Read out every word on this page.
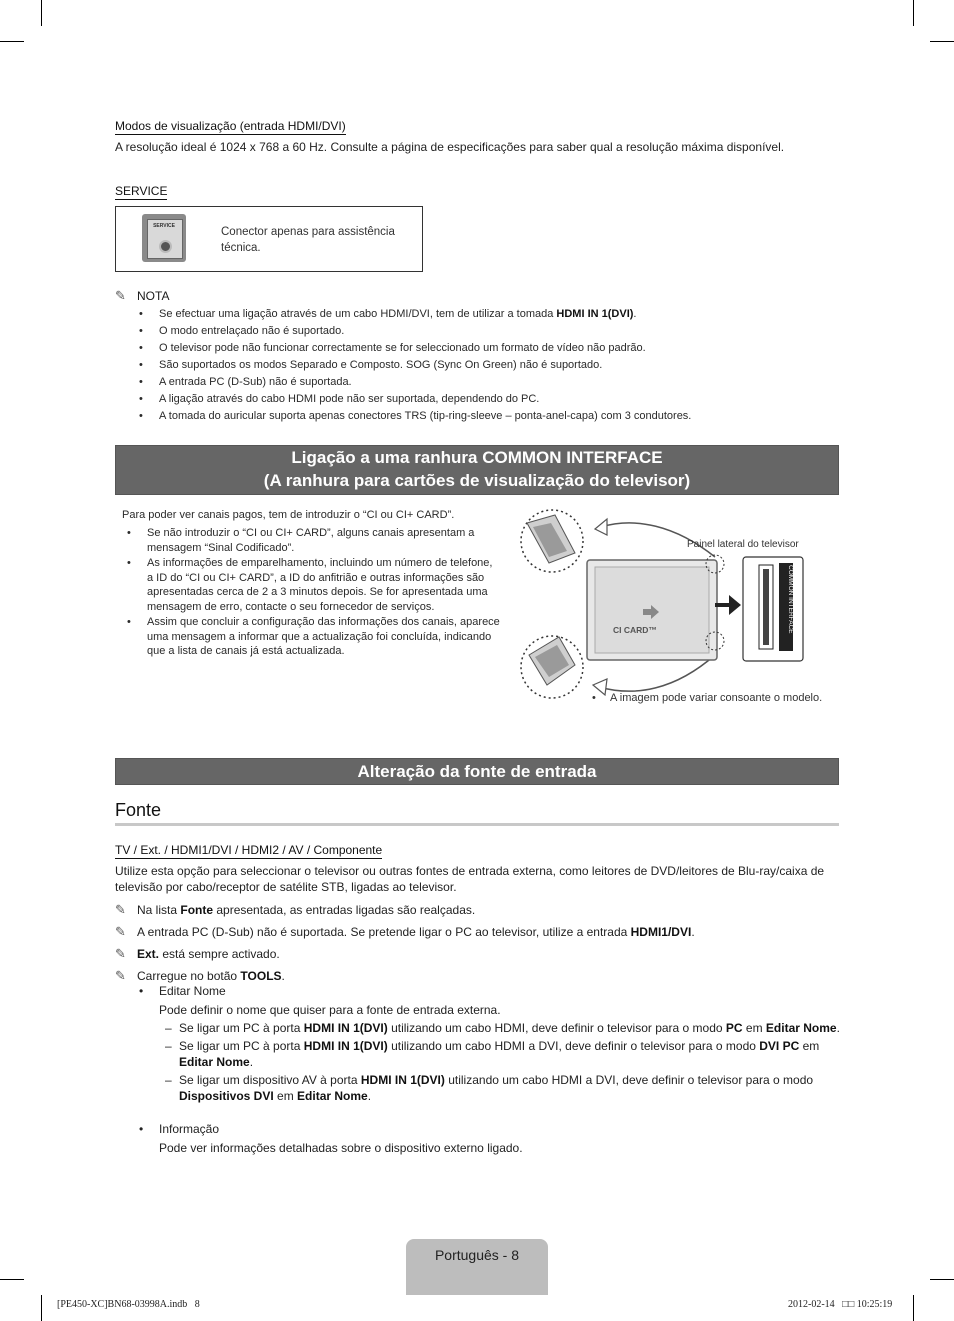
Modos de visualização (entrada HDMI/DVI)
A resolução ideal é 1024 x 768 a 60 Hz. Consulte a página de especificações para saber qual a resolução máxima disponível.
SERVICE
SERVICE	Conector apenas para assistência
técnica.
✎ NOTA
• Se efectuar uma ligação através de um cabo HDMI/DVI, tem de utilizar a tomada HDMI IN 1(DVI).
• O modo entrelaçado não é suportado.
• O televisor pode não funcionar correctamente se for seleccionado um formato de vídeo não padrão.
• São suportados os modos Separado e Composto. SOG (Sync On Green) não é suportado.
• A entrada PC (D-Sub) não é suportada.
• A ligação através do cabo HDMI pode não ser suportada, dependendo do PC.
• A tomada do auricular suporta apenas conectores TRS (tip-ring-sleeve – ponta-anel-capa) com 3 condutores.
Ligação a uma ranhura COMMON INTERFACE
(A ranhura para cartões de visualização do televisor)
Para poder ver canais pagos, tem de introduzir o “CI ou CI+ CARD”.
• Se não introduzir o “CI ou CI+ CARD”, alguns canais apresentam a mensagem “Sinal Codificado”.
• As informações de emparelhamento, incluindo um número de telefone, a ID do “CI ou CI+ CARD”, a ID do anfitrião e outras informações são apresentadas cerca de 2 a 3 minutos depois. Se for apresentada uma mensagem de erro, contacte o seu fornecedor de serviços.
• Assim que concluir a configuração das informações dos canais, aparece uma mensagem a informar que a actualização foi concluída, indicando que a lista de canais já está actualizada.
CI CARD™
Painel lateral do televisor
COMMON INTERFACE
• A imagem pode variar consoante o modelo.
Alteração da fonte de entrada
Fonte
TV / Ext. / HDMI1/DVI / HDMI2 / AV / Componente
Utilize esta opção para seleccionar o televisor ou outras fontes de entrada externa, como leitores de DVD/leitores de Blu-ray/caixa de televisão por cabo/receptor de satélite STB, ligadas ao televisor.
✎ Na lista Fonte apresentada, as entradas ligadas são realçadas.
✎ A entrada PC (D-Sub) não é suportada. Se pretende ligar o PC ao televisor, utilize a entrada HDMI1/DVI.
✎ Ext. está sempre activado.
✎ Carregue no botão TOOLS.
• Editar Nome
Pode definir o nome que quiser para a fonte de entrada externa.
– Se ligar um PC à porta HDMI IN 1(DVI) utilizando um cabo HDMI, deve definir o televisor para o modo PC em Editar Nome.
– Se ligar um PC à porta HDMI IN 1(DVI) utilizando um cabo HDMI a DVI, deve definir o televisor para o modo DVI PC em Editar Nome.
– Se ligar um dispositivo AV à porta HDMI IN 1(DVI) utilizando um cabo HDMI a DVI, deve definir o televisor para o modo Dispositivos DVI em Editar Nome.
• Informação
Pode ver informações detalhadas sobre o dispositivo externo ligado.
Português - 8
[PE450-XC]BN68-03998A.indb   8	2012-02-14   □□ 10:25:19
